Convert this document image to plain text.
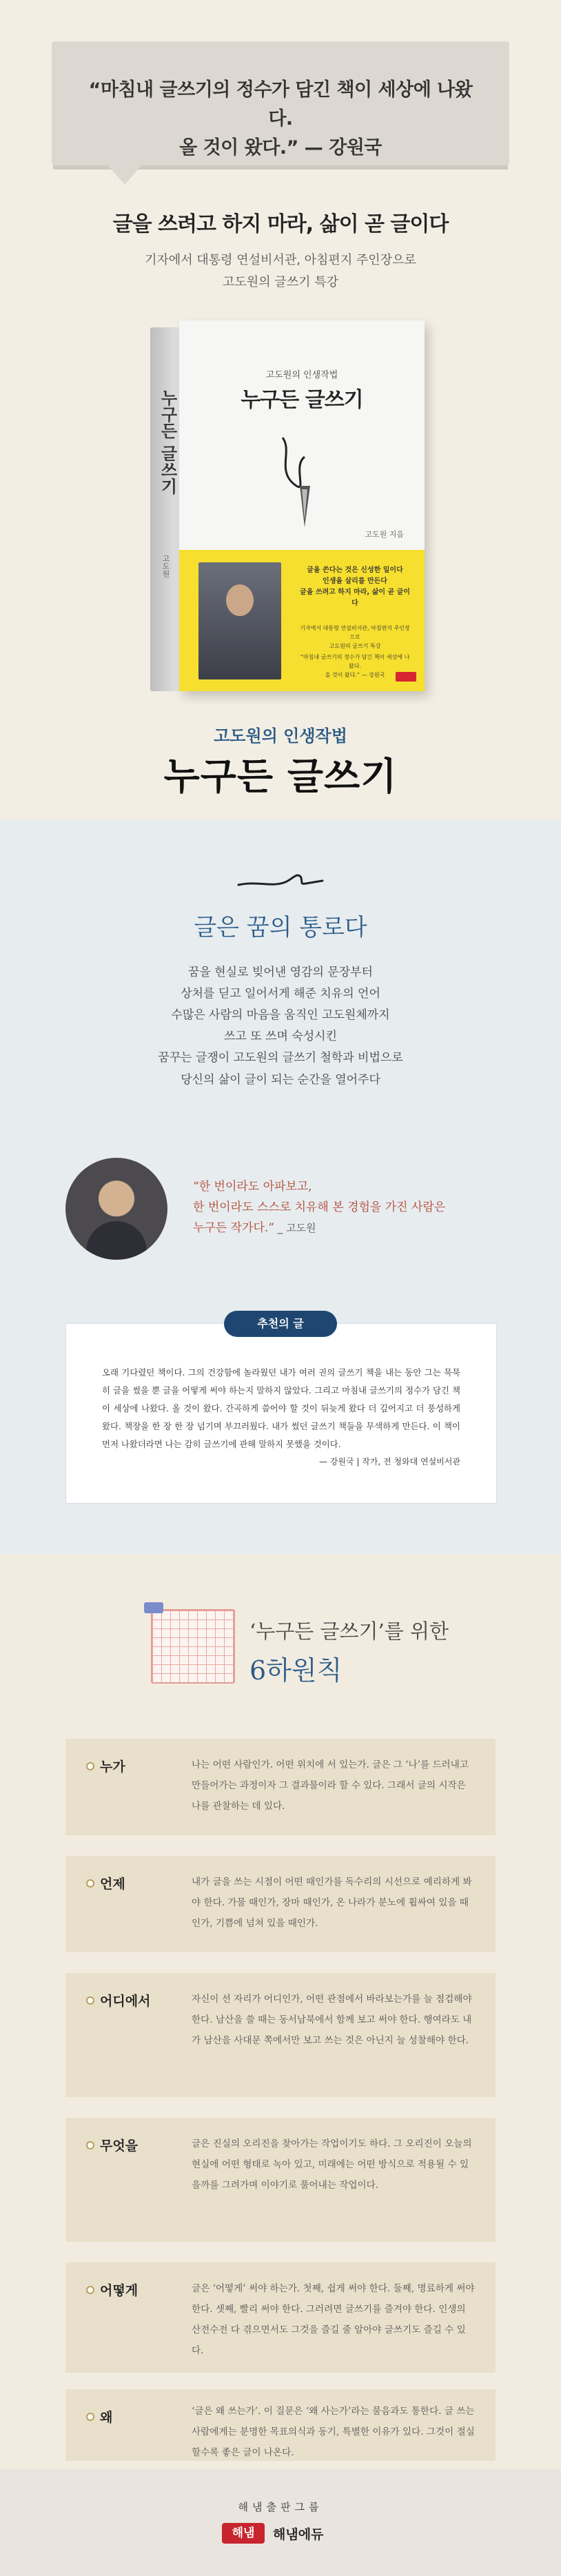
“마침내 글쓰기의 정수가 담긴 책이 세상에 나왔다.
올 것이 왔다.” — 강원국
글을 쓰려고 하지 마라, 삶이 곧 글이다
기자에서 대통령 연설비서관, 아침편지 주인장으로
고도원의 글쓰기 특강
누구든 글쓰기
고도원
고도원의 인생작법
누구든 글쓰기
고도원 지음
글을 쓴다는 것은 신성한 일이다
인생을 살리를 만든다
글을 쓰려고 하지 마라, 삶이 곧 글이다
기자에서 대통령 연설비서관, 아침편지 주인장으로
고도원의 글쓰기 특강
“마침내 글쓰기의 정수가 담긴 책이 세상에 나왔다.
올 것이 왔다.” — 강원국
고도원의 인생작법
누구든 글쓰기
글은 꿈의 통로다
꿈을 현실로 빚어낸 영감의 문장부터
상처를 딛고 일어서게 해준 치유의 언어
수많은 사람의 마음을 움직인 고도원체까지
쓰고 또 쓰며 숙성시킨
꿈꾸는 글쟁이 고도원의 글쓰기 철학과 비법으로
당신의 삶이 글이 되는 순간을 열어주다
“한 번이라도 아파보고,
한 번이라도 스스로 치유해 본 경험을 가진 사람은
누구든 작가다.” _ 고도원
오래 기다렸던 책이다. 그의 건강함에 놀라웠던 내가 여러 권의 글쓰기 책을 내는 동안 그는 묵묵히 글을 썼을 뿐 글을 어떻게 써야 하는지 말하지 않았다. 그리고 마침내 글쓰기의 정수가 담긴 책이 세상에 나왔다. 올 것이 왔다. 간곡하게 쓸어야 할 것이 뒤늦게 왔다 더 깊어지고 더 풍성하게 왔다. 책장을 한 장 한 장 넘기며 부끄러웠다. 내가 썼던 글쓰기 책들을 무색하게 만든다. 이 책이 먼저 나왔더라면 나는 감히 글쓰기에 관해 말하지 못했을 것이다.
— 강원국 | 작가, 전 청와대 연설비서관
추천의 글
‘누구든 글쓰기’를 위한
6하원칙
누가	나는 어떤 사람인가. 어떤 위치에 서 있는가. 글은 그 ‘나’를 드러내고 만들어가는 과정이자 그 결과물이라 할 수 있다. 그래서 글의 시작은 나를 관찰하는 데 있다.
언제	내가 글을 쓰는 시점이 어떤 때인가를 독수리의 시선으로 예리하게 봐야 한다. 가물 때인가, 장마 때인가, 온 나라가 분노에 휩싸여 있을 때인가, 기쁨에 넘쳐 있을 때인가.
어디에서	자신이 선 자리가 어디인가, 어떤 관점에서 바라보는가를 늘 점검해야 한다. 남산을 쓸 때는 동서남북에서 함께 보고 써야 한다. 행여라도 내가 남산을 사대문 쪽에서만 보고 쓰는 것은 아닌지 늘 성찰해야 한다.
무엇을	글은 진실의 오리진을 찾아가는 작업이기도 하다. 그 오리진이 오늘의 현실에 어떤 형태로 녹아 있고, 미래에는 어떤 방식으로 적용될 수 있을까를 그려가며 이야기로 풀어내는 작업이다.
어떻게	글은 ‘어떻게’ 써야 하는가. 첫째, 쉽게 써야 한다. 둘째, 명료하게 써야 한다. 셋째, 빨리 써야 한다. 그러려면 글쓰기를 즐겨야 한다. 인생의 산전수전 다 겪으면서도 그것을 즐길 줄 알아야 글쓰기도 즐길 수 있다.
왜	‘글은 왜 쓰는가’. 이 질문은 ‘왜 사는가’라는 물음과도 통한다. 글 쓰는 사람에게는 분명한 목표의식과 동기, 특별한 이유가 있다. 그것이 절실할수록 좋은 글이 나온다.
해냄출판그룹
해냄	해냄에듀
